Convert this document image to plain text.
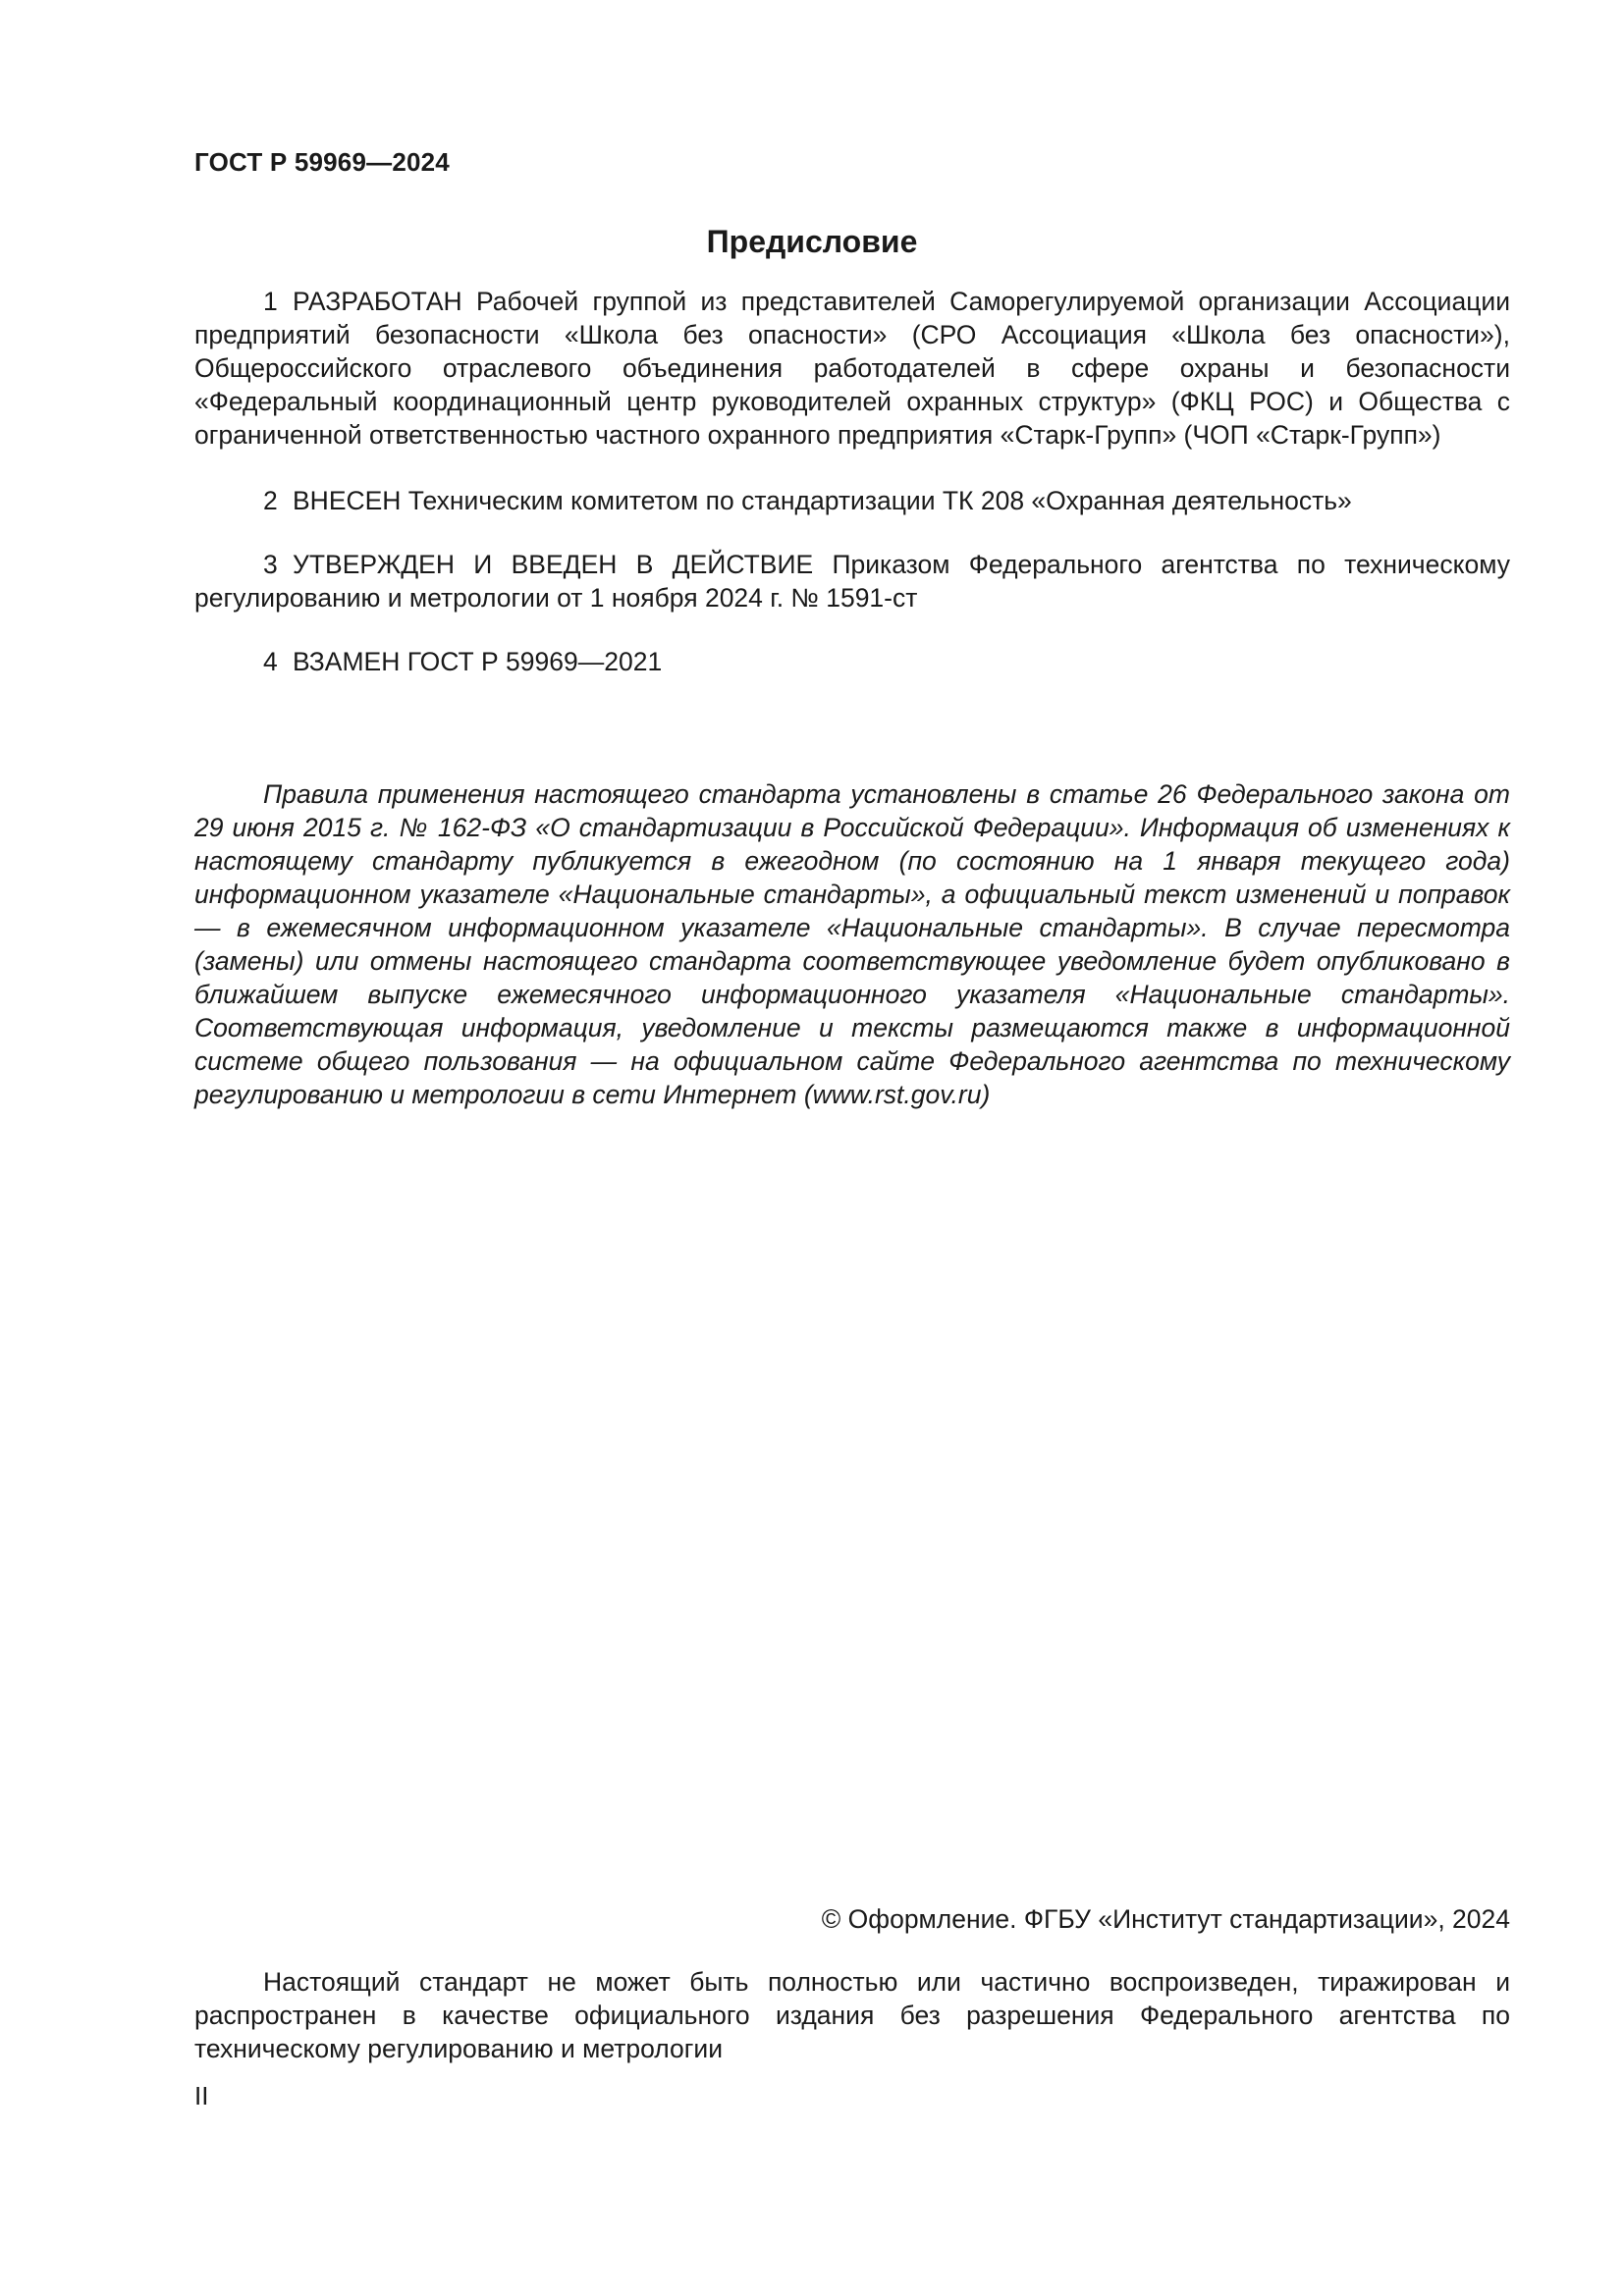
ГОСТ Р 59969—2024
Предисловие

1 РАЗРАБОТАН Рабочей группой из представителей Саморегулируемой организации Ассоциации предприятий безопасности «Школа без опасности» (СРО Ассоциация «Школа без опасности»), Общероссийского отраслевого объединения работодателей в сфере охраны и безопасности «Федеральный координационный центр руководителей охранных структур» (ФКЦ РОС) и Общества с ограниченной ответственностью частного охранного предприятия «Старк-Групп» (ЧОП «Старк-Групп»)

2 ВНЕСЕН Техническим комитетом по стандартизации ТК 208 «Охранная деятельность»

3 УТВЕРЖДЕН И ВВЕДЕН В ДЕЙСТВИЕ Приказом Федерального агентства по техническому регулированию и метрологии от 1 ноября 2024 г. № 1591-ст

4 ВЗАМЕН ГОСТ Р 59969—2021

Правила применения настоящего стандарта установлены в статье 26 Федерального закона от 29 июня 2015 г. № 162-ФЗ «О стандартизации в Российской Федерации». Информация об изменениях к настоящему стандарту публикуется в ежегодном (по состоянию на 1 января текущего года) информационном указателе «Национальные стандарты», а официальный текст изменений и поправок — в ежемесячном информационном указателе «Национальные стандарты». В случае пересмотра (замены) или отмены настоящего стандарта соответствующее уведомление будет опубликовано в ближайшем выпуске ежемесячного информационного указателя «Национальные стандарты». Соответствующая информация, уведомление и тексты размещаются также в информационной системе общего пользования — на официальном сайте Федерального агентства по техническому регулированию и метрологии в сети Интернет (www.rst.gov.ru)

© Оформление. ФГБУ «Институт стандартизации», 2024

Настоящий стандарт не может быть полностью или частично воспроизведен, тиражирован и распространен в качестве официального издания без разрешения Федерального агентства по техническому регулированию и метрологии

II
